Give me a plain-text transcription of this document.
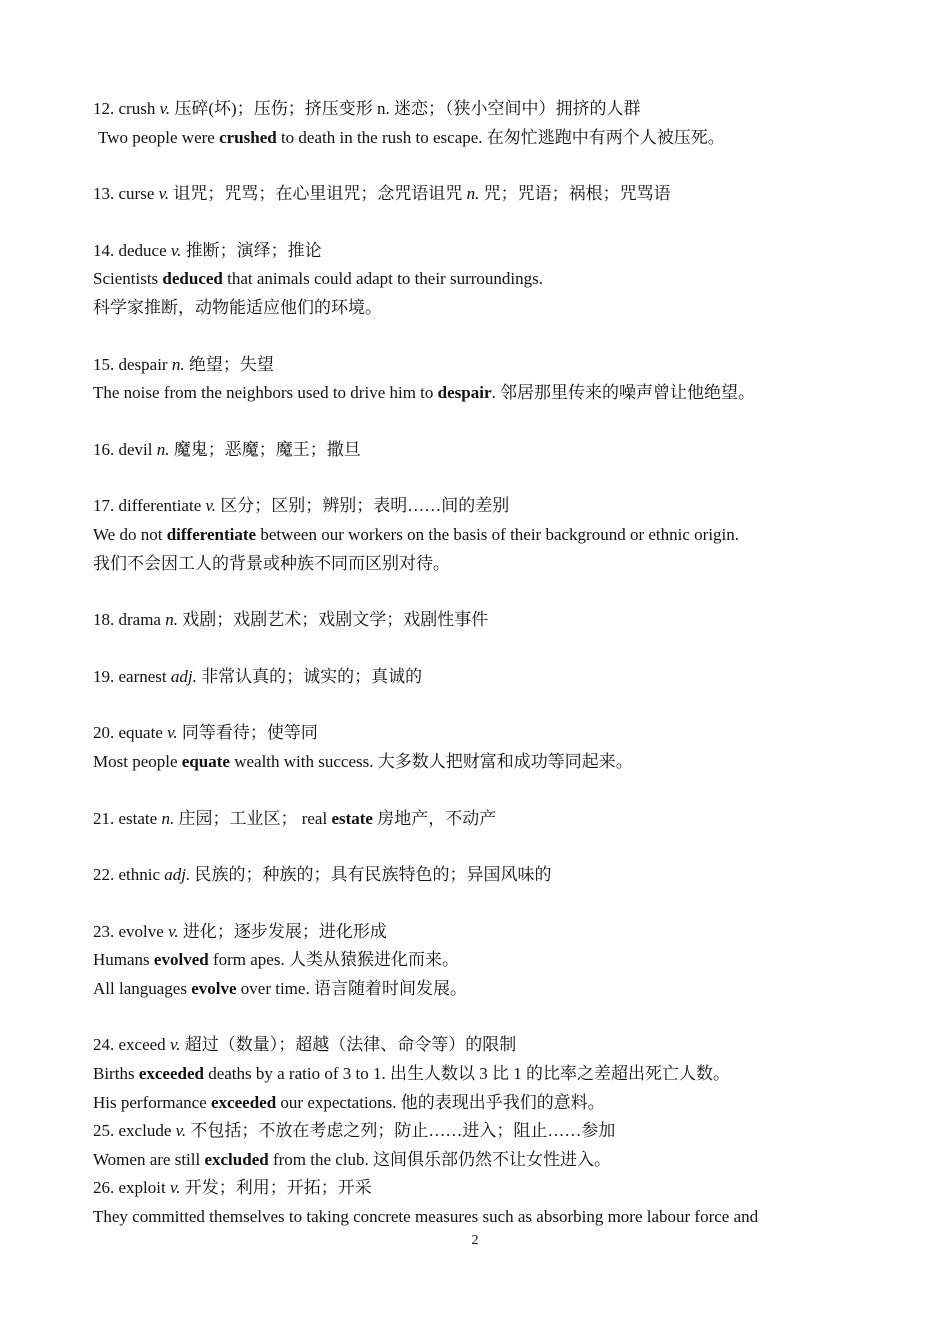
12. crush v. 压碎(坏)；压伤；挤压变形 n. 迷恋；（狭小空间中）拥挤的人群
Two people were crushed to death in the rush to escape. 在匆忙逃跑中有两个人被压死。
13. curse v. 诅咒；咒骂；在心里诅咒；念咒语诅咒 n. 咒；咒语；祸根；咒骂语
14. deduce v. 推断；演绎；推论
Scientists deduced that animals could adapt to their surroundings.
科学家推断，动物能适应他们的环境。
15. despair n. 绝望；失望
The noise from the neighbors used to drive him to despair. 邻居那里传来的噪声曾让他绝望。
16. devil n. 魔鬼；恶魔；魔王；撒旦
17. differentiate v. 区分；区别；辨别；表明……间的差别
We do not differentiate between our workers on the basis of their background or ethnic origin.
我们不会因工人的背景或种族不同而区别对待。
18. drama n. 戏剧；戏剧艺术；戏剧文学；戏剧性事件
19. earnest adj. 非常认真的；诚实的；真诚的
20. equate v. 同等看待；使等同
Most people equate wealth with success. 大多数人把财富和成功等同起来。
21. estate n. 庄园；工业区； real estate 房地产，不动产
22. ethnic adj. 民族的；种族的；具有民族特色的；异国风味的
23. evolve v. 进化；逐步发展；进化形成
Humans evolved form apes. 人类从猿猴进化而来。
All languages evolve over time. 语言随着时间发展。
24. exceed v. 超过（数量）；超越（法律、命令等）的限制
Births exceeded deaths by a ratio of 3 to 1. 出生人数以 3 比 1 的比率之差超出死亡人数。
His performance exceeded our expectations. 他的表现出乎我们的意料。
25. exclude v. 不包括；不放在考虑之列；防止……进入；阻止……参加
Women are still excluded from the club. 这间俱乐部仍然不让女性进入。
26. exploit v. 开发；利用；开拓；开采
They committed themselves to taking concrete measures such as absorbing more labour force and
2
